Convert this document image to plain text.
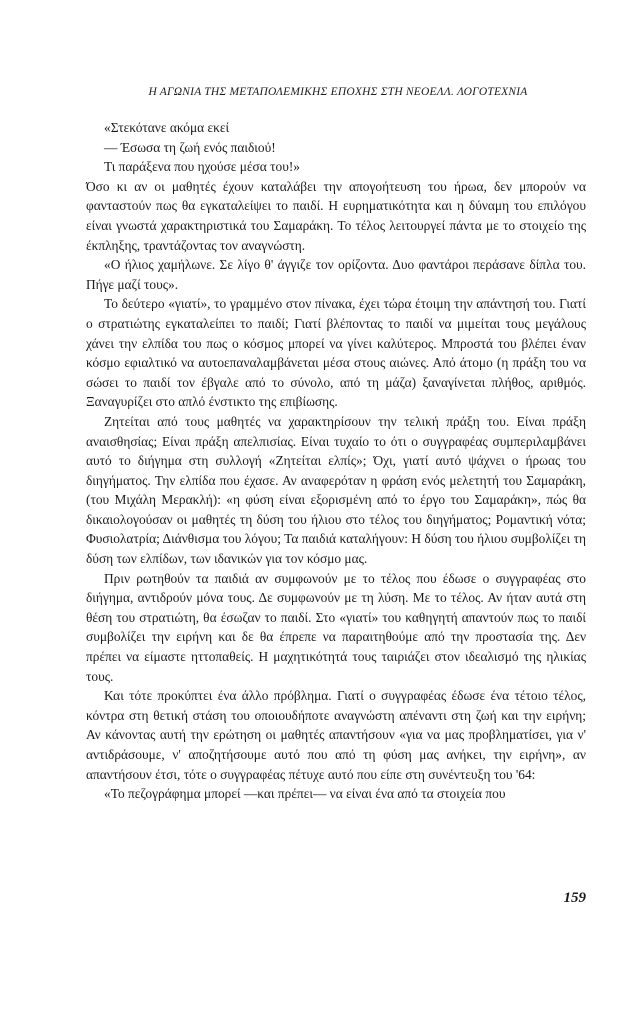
Η ΑΓΩΝΙΑ ΤΗΣ ΜΕΤΑΠΟΛΕΜΙΚΗΣ ΕΠΟΧΗΣ ΣΤΗ ΝΕΟΕΛΛ. ΛΟΓΟΤΕΧΝΙΑ

«Στεκότανε ακόμα εκεί

— Έσωσα τη ζωή ενός παιδιού!

Τι παράξενα που ηχούσε μέσα του!»

Όσο κι αν οι μαθητές έχουν καταλάβει την απογοήτευση του ήρωα, δεν μπορούν να φανταστούν πως θα εγκαταλείψει το παιδί. Η ευρηματικότητα και η δύναμη του επιλόγου είναι γνωστά χαρακτηριστικά του Σαμαράκη. Το τέλος λειτουργεί πάντα με το στοιχείο της έκπληξης, τραντάζοντας τον αναγνώστη.

«Ο ήλιος χαμήλωνε. Σε λίγο θ' άγγιζε τον ορίζοντα. Δυο φαντάροι περάσανε δίπλα του. Πήγε μαζί τους».

Το δεύτερο «γιατί», το γραμμένο στον πίνακα, έχει τώρα έτοιμη την απάντησή του. Γιατί ο στρατιώτης εγκαταλείπει το παιδί; Γιατί βλέποντας το παιδί να μιμείται τους μεγάλους χάνει την ελπίδα του πως ο κόσμος μπορεί να γίνει καλύτερος. Μπροστά του βλέπει έναν κόσμο εφιαλτικό να αυτοεπαναλαμβάνεται μέσα στους αιώνες. Από άτομο (η πράξη του να σώσει το παιδί τον έβγαλε από το σύνολο, από τη μάζα) ξαναγίνεται πλήθος, αριθμός. Ξαναγυρίζει στο απλό ένστικτο της επιβίωσης.

Ζητείται από τους μαθητές να χαρακτηρίσουν την τελική πράξη του. Είναι πράξη αναισθησίας; Είναι πράξη απελπισίας. Είναι τυχαίο το ότι ο συγγραφέας συμπεριλαμβάνει αυτό το διήγημα στη συλλογή «Ζητείται ελπίς»; Όχι, γιατί αυτό ψάχνει ο ήρωας του διηγήματος. Την ελπίδα που έχασε. Αν αναφερόταν η φράση ενός μελετητή του Σαμαράκη, (του Μιχάλη Μερακλή): «η φύση είναι εξορισμένη από το έργο του Σαμαράκη», πώς θα δικαιολογούσαν οι μαθητές τη δύση του ήλιου στο τέλος του διηγήματος; Ρομαντική νότα; Φυσιολατρία; Διάνθισμα του λόγου; Τα παιδιά καταλήγουν: Η δύση του ήλιου συμβολίζει τη δύση των ελπίδων, των ιδανικών για τον κόσμο μας.

Πριν ρωτηθούν τα παιδιά αν συμφωνούν με το τέλος που έδωσε ο συγγραφέας στο διήγημα, αντιδρούν μόνα τους. Δε συμφωνούν με τη λύση. Με το τέλος. Αν ήταν αυτά στη θέση του στρατιώτη, θα έσωζαν το παιδί. Στο «γιατί» του καθηγητή απαντούν πως το παιδί συμβολίζει την ειρήνη και δε θα έπρεπε να παραιτηθούμε από την προστασία της. Δεν πρέπει να είμαστε ηττοπαθείς. Η μαχητικότητά τους ταιριάζει στον ιδεαλισμό της ηλικίας τους.

Και τότε προκύπτει ένα άλλο πρόβλημα. Γιατί ο συγγραφέας έδωσε ένα τέτοιο τέλος, κόντρα στη θετική στάση του οποιουδήποτε αναγνώστη απέναντι στη ζωή και την ειρήνη; Αν κάνοντας αυτή την ερώτηση οι μαθητές απαντήσουν «για να μας προβληματίσει, για ν' αντιδράσουμε, ν' αποζητήσουμε αυτό που από τη φύση μας ανήκει, την ειρήνη», αν απαντήσουν έτσι, τότε ο συγγραφέας πέτυχε αυτό που είπε στη συνέντευξη του '64:

«Το πεζογράφημα μπορεί —και πρέπει— να είναι ένα από τα στοιχεία που

159
